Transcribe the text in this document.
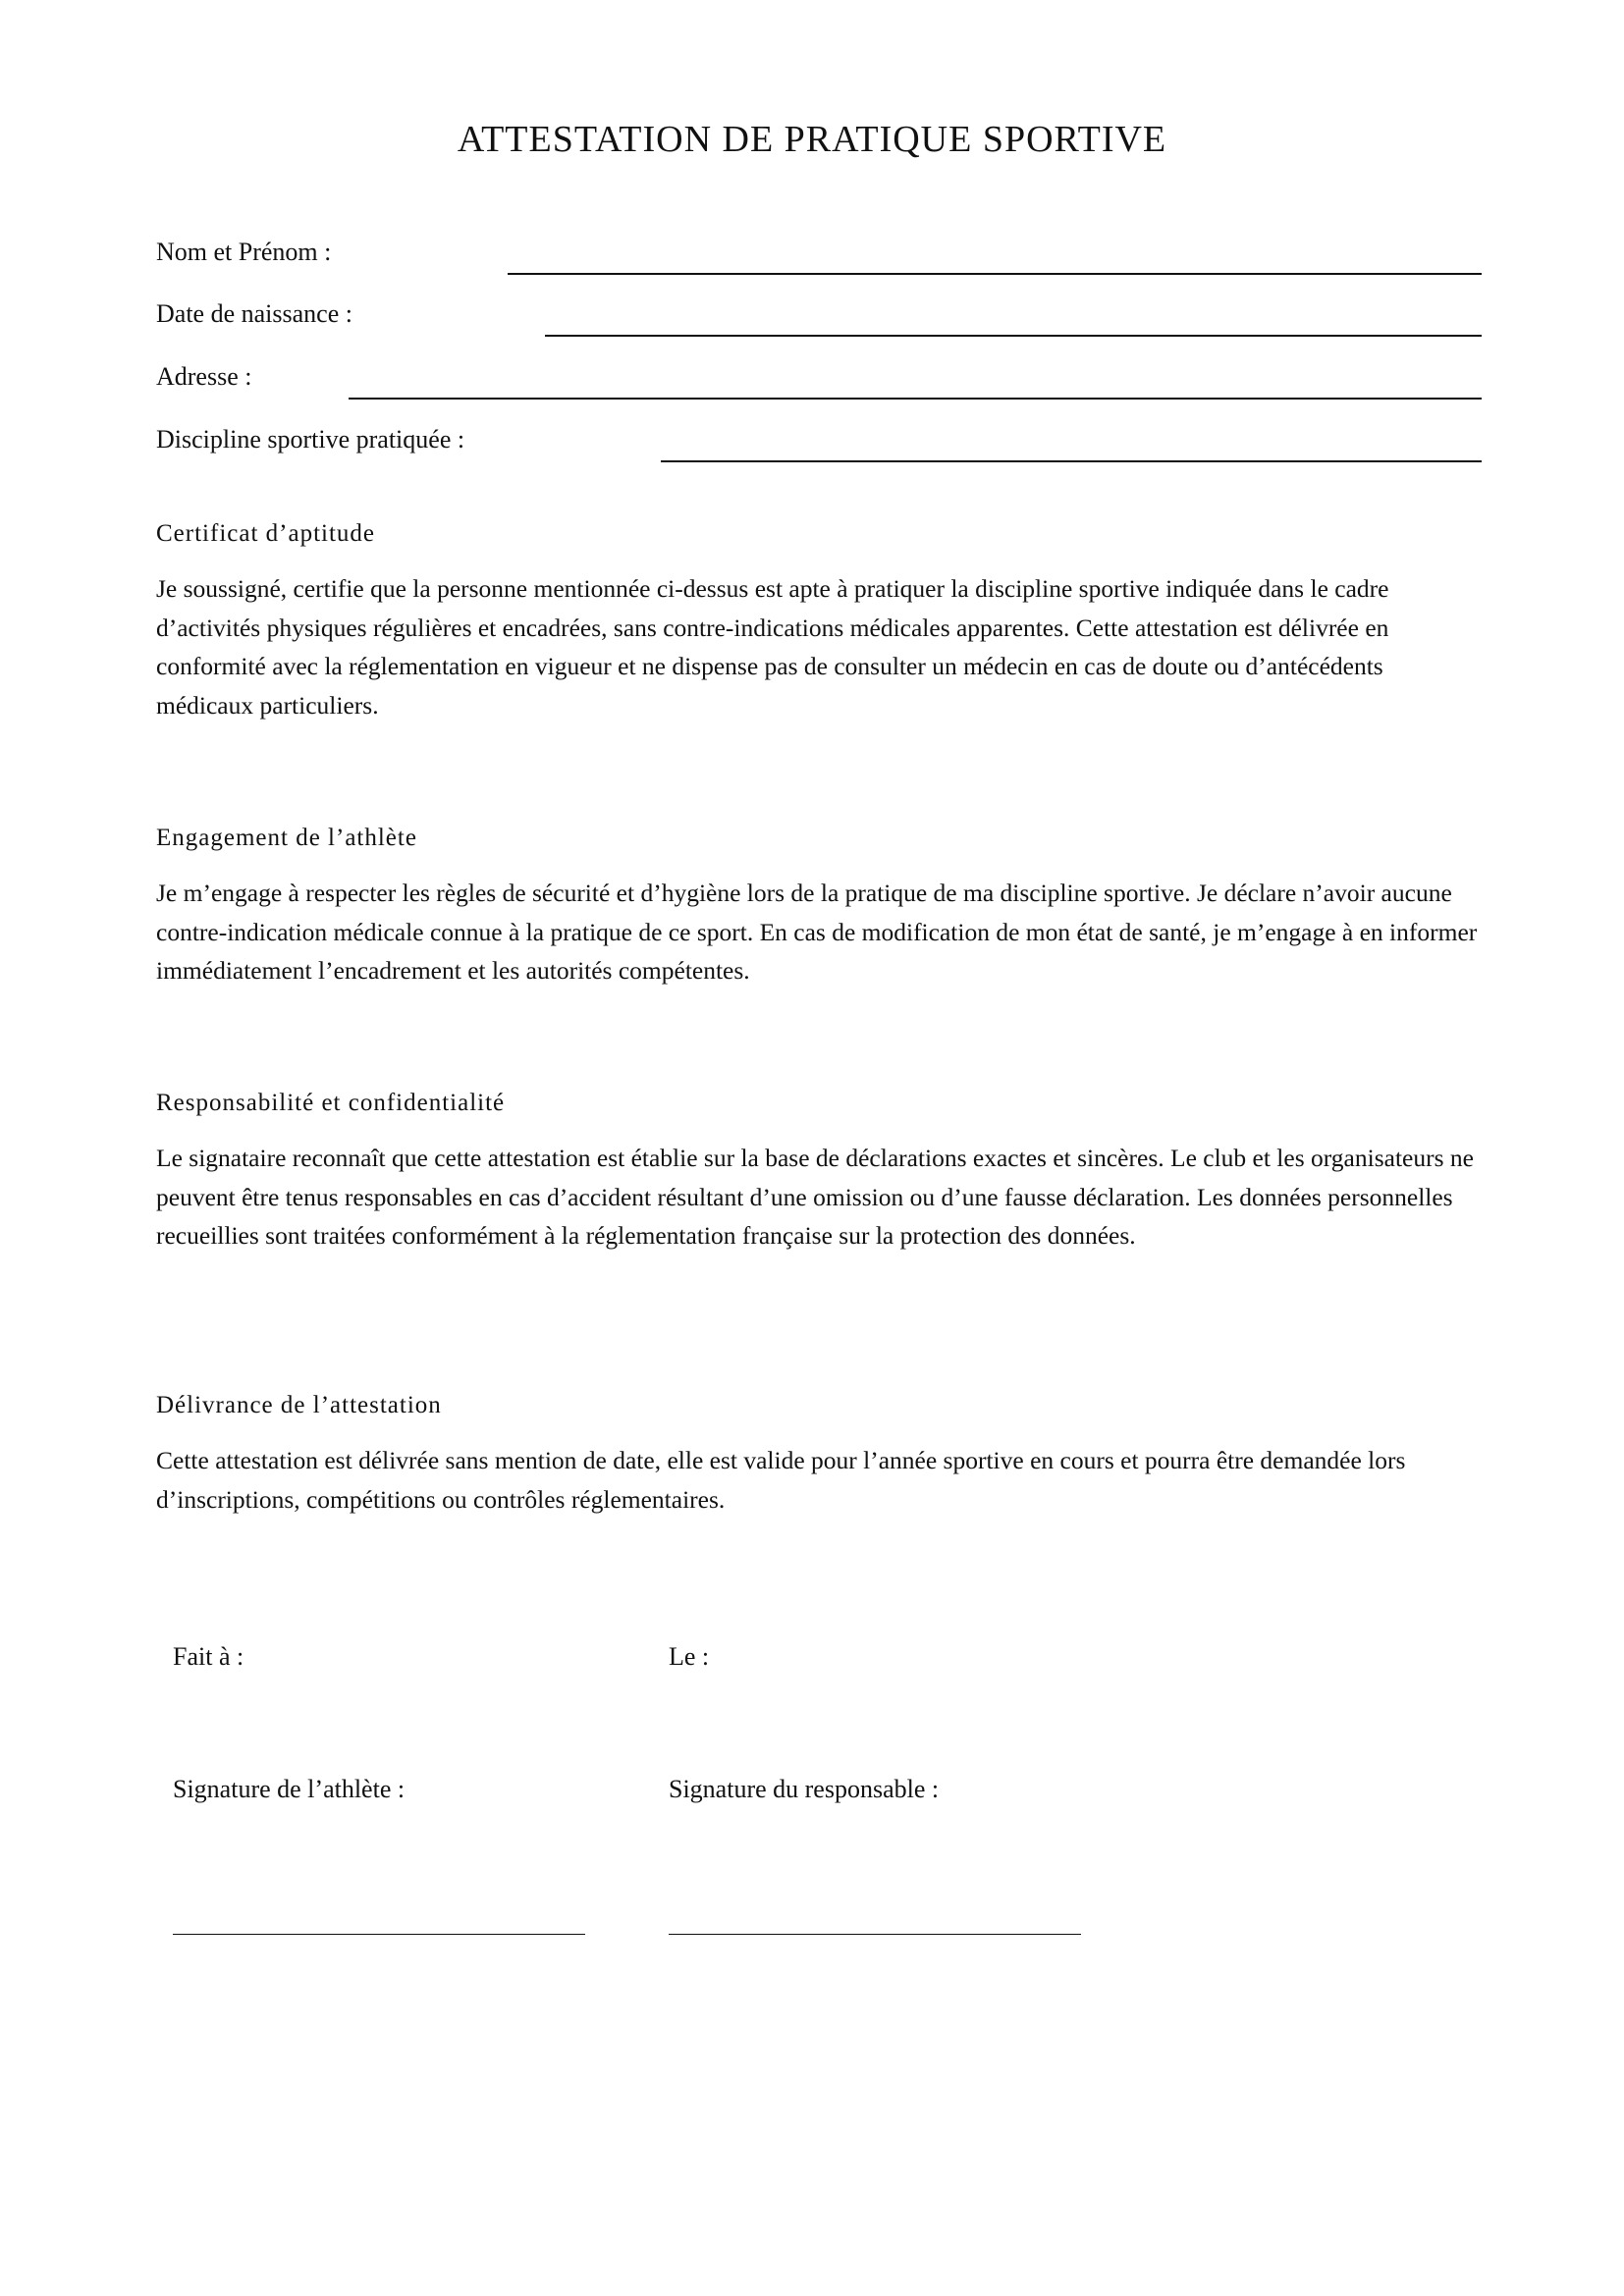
ATTESTATION DE PRATIQUE SPORTIVE
Nom et Prénom :
Date de naissance :
Adresse :
Discipline sportive pratiquée :
Certificat d’aptitude

Je soussigné, certifie que la personne mentionnée ci-dessus est apte à pratiquer la discipline sportive indiquée dans le cadre d’activités physiques régulières et encadrées, sans contre-indications médicales apparentes. Cette attestation est délivrée en conformité avec la réglementation en vigueur et ne dispense pas de consulter un médecin en cas de doute ou d’antécédents médicaux particuliers.

Engagement de l’athlète

Je m’engage à respecter les règles de sécurité et d’hygiène lors de la pratique de ma discipline sportive. Je déclare n’avoir aucune contre-indication médicale connue à la pratique de ce sport. En cas de modification de mon état de santé, je m’engage à en informer immédiatement l’encadrement et les autorités compétentes.

Responsabilité et confidentialité

Le signataire reconnaît que cette attestation est établie sur la base de déclarations exactes et sincères. Le club et les organisateurs ne peuvent être tenus responsables en cas d’accident résultant d’une omission ou d’une fausse déclaration. Les données personnelles recueillies sont traitées conformément à la réglementation française sur la protection des données.

Délivrance de l’attestation

Cette attestation est délivrée sans mention de date, elle est valide pour l’année sportive en cours et pourra être demandée lors d’inscriptions, compétitions ou contrôles réglementaires.

Fait à :	Le :
Signature de l’athlète :	Signature du responsable :
